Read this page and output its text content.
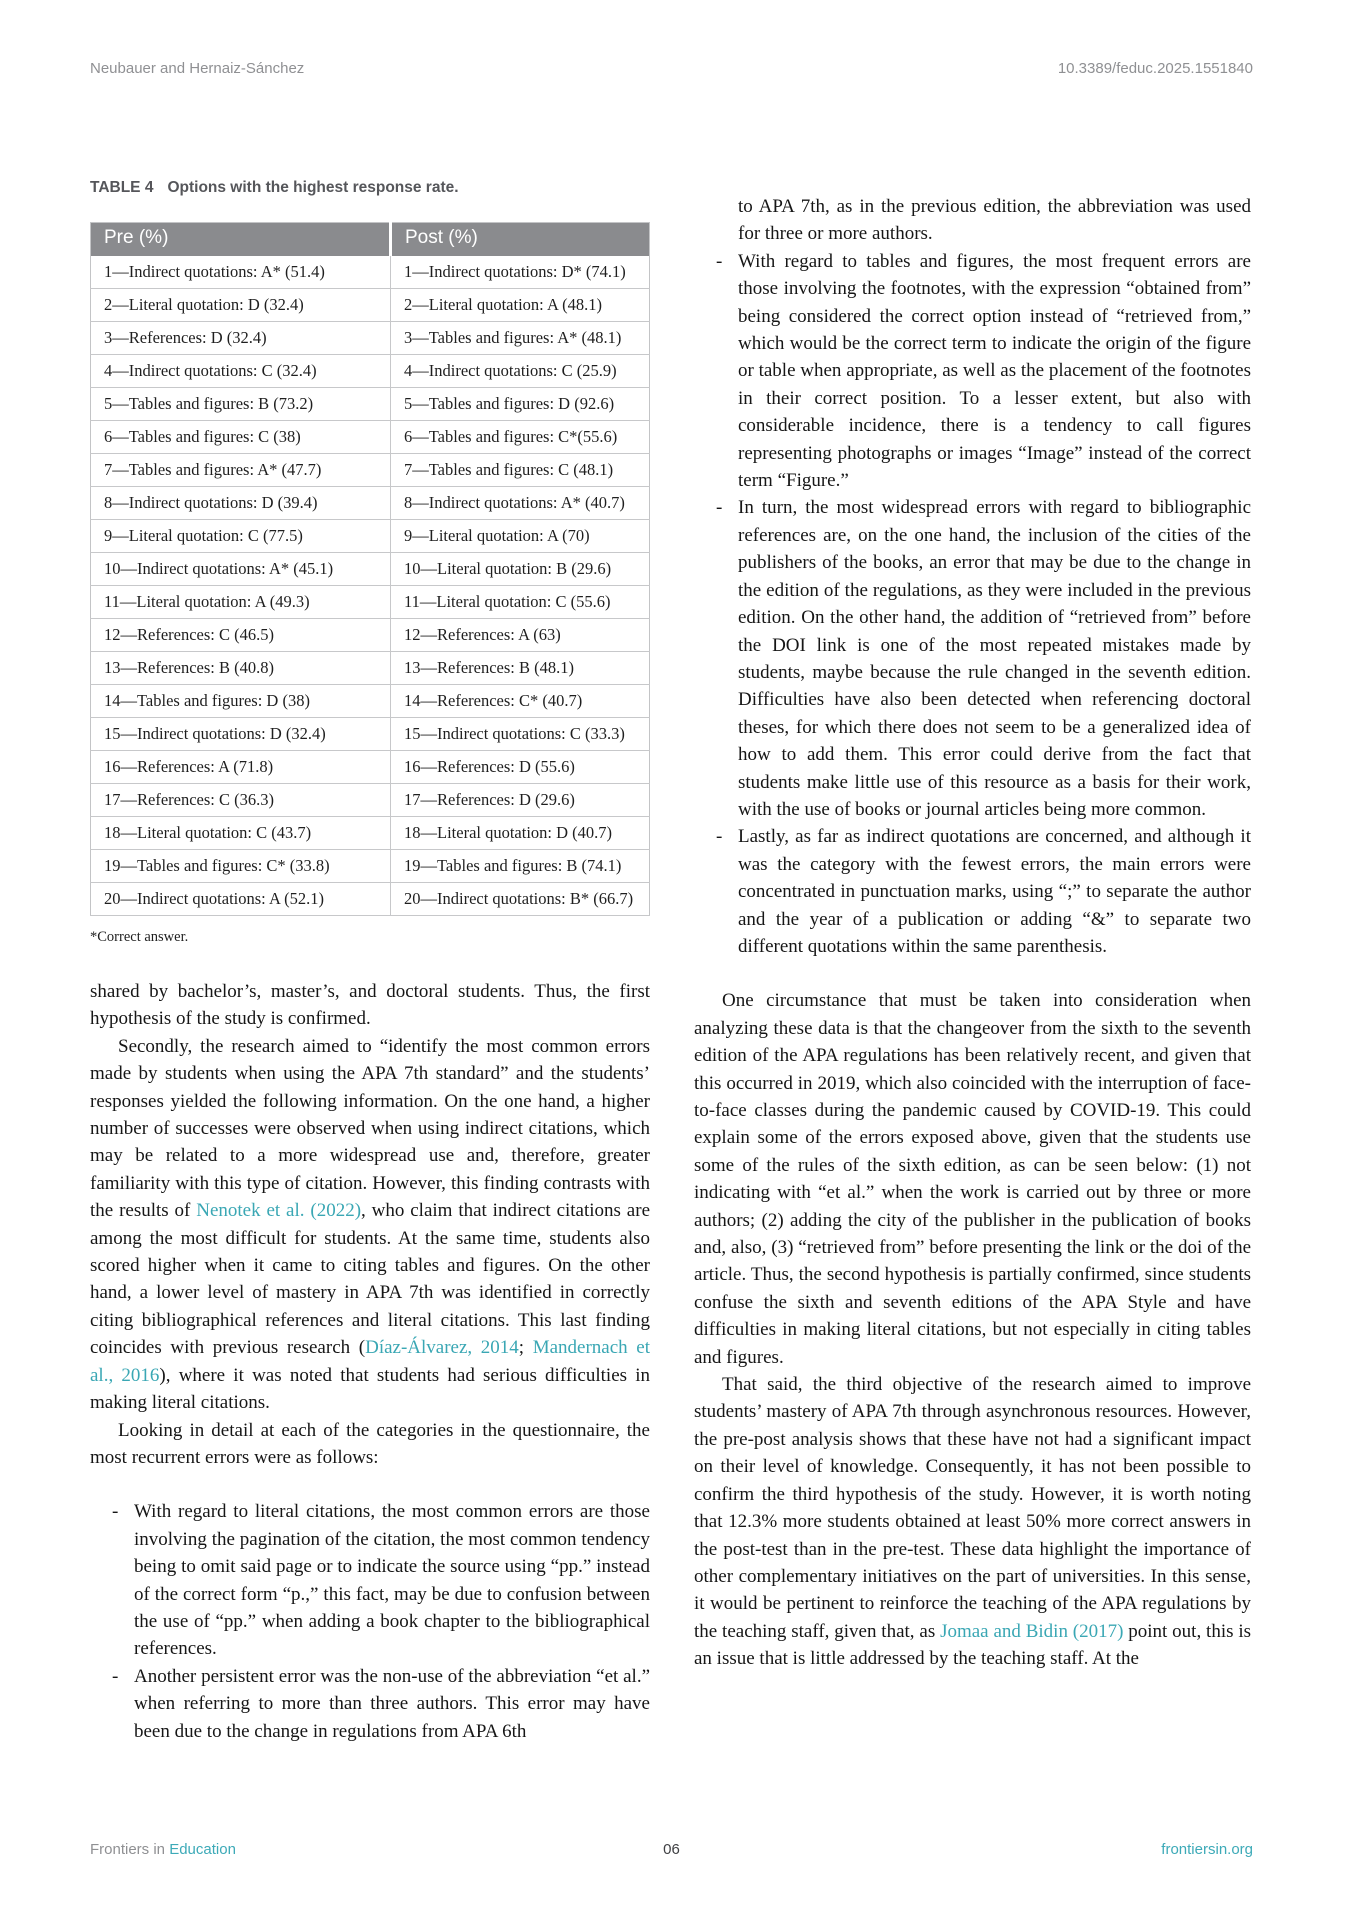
Neubauer and Hernaiz-Sánchez	10.3389/feduc.2025.1551840
TABLE 4 Options with the highest response rate.
Pre (%)	Post (%)
1—Indirect quotations: A* (51.4)	1—Indirect quotations: D* (74.1)
2—Literal quotation: D (32.4)	2—Literal quotation: A (48.1)
3—References: D (32.4)	3—Tables and figures: A* (48.1)
4—Indirect quotations: C (32.4)	4—Indirect quotations: C (25.9)
5—Tables and figures: B (73.2)	5—Tables and figures: D (92.6)
6—Tables and figures: C (38)	6—Tables and figures: C*(55.6)
7—Tables and figures: A* (47.7)	7—Tables and figures: C (48.1)
8—Indirect quotations: D (39.4)	8—Indirect quotations: A* (40.7)
9—Literal quotation: C (77.5)	9—Literal quotation: A (70)
10—Indirect quotations: A* (45.1)	10—Literal quotation: B (29.6)
11—Literal quotation: A (49.3)	11—Literal quotation: C (55.6)
12—References: C (46.5)	12—References: A (63)
13—References: B (40.8)	13—References: B (48.1)
14—Tables and figures: D (38)	14—References: C* (40.7)
15—Indirect quotations: D (32.4)	15—Indirect quotations: C (33.3)
16—References: A (71.8)	16—References: D (55.6)
17—References: C (36.3)	17—References: D (29.6)
18—Literal quotation: C (43.7)	18—Literal quotation: D (40.7)
19—Tables and figures: C* (33.8)	19—Tables and figures: B (74.1)
20—Indirect quotations: A (52.1)	20—Indirect quotations: B* (66.7)
*Correct answer.
shared by bachelor’s, master’s, and doctoral students. Thus, the first hypothesis of the study is confirmed.
Secondly, the research aimed to “identify the most common errors made by students when using the APA 7th standard” and the students’ responses yielded the following information. On the one hand, a higher number of successes were observed when using indirect citations, which may be related to a more widespread use and, therefore, greater familiarity with this type of citation. However, this finding contrasts with the results of Nenotek et al. (2022), who claim that indirect citations are among the most difficult for students. At the same time, students also scored higher when it came to citing tables and figures. On the other hand, a lower level of mastery in APA 7th was identified in correctly citing bibliographical references and literal citations. This last finding coincides with previous research (Díaz-Álvarez, 2014; Mandernach et al., 2016), where it was noted that students had serious difficulties in making literal citations.
Looking in detail at each of the categories in the questionnaire, the most recurrent errors were as follows:
- With regard to literal citations, the most common errors are those involving the pagination of the citation, the most common tendency being to omit said page or to indicate the source using “pp.” instead of the correct form “p.,” this fact, may be due to confusion between the use of “pp.” when adding a book chapter to the bibliographical references.
- Another persistent error was the non-use of the abbreviation “et al.” when referring to more than three authors. This error may have been due to the change in regulations from APA 6th
to APA 7th, as in the previous edition, the abbreviation was used for three or more authors.
- With regard to tables and figures, the most frequent errors are those involving the footnotes, with the expression “obtained from” being considered the correct option instead of “retrieved from,” which would be the correct term to indicate the origin of the figure or table when appropriate, as well as the placement of the footnotes in their correct position. To a lesser extent, but also with considerable incidence, there is a tendency to call figures representing photographs or images “Image” instead of the correct term “Figure.”
- In turn, the most widespread errors with regard to bibliographic references are, on the one hand, the inclusion of the cities of the publishers of the books, an error that may be due to the change in the edition of the regulations, as they were included in the previous edition. On the other hand, the addition of “retrieved from” before the DOI link is one of the most repeated mistakes made by students, maybe because the rule changed in the seventh edition. Difficulties have also been detected when referencing doctoral theses, for which there does not seem to be a generalized idea of how to add them. This error could derive from the fact that students make little use of this resource as a basis for their work, with the use of books or journal articles being more common.
- Lastly, as far as indirect quotations are concerned, and although it was the category with the fewest errors, the main errors were concentrated in punctuation marks, using “;” to separate the author and the year of a publication or adding “&” to separate two different quotations within the same parenthesis.
One circumstance that must be taken into consideration when analyzing these data is that the changeover from the sixth to the seventh edition of the APA regulations has been relatively recent, and given that this occurred in 2019, which also coincided with the interruption of face-to-face classes during the pandemic caused by COVID-19. This could explain some of the errors exposed above, given that the students use some of the rules of the sixth edition, as can be seen below: (1) not indicating with “et al.” when the work is carried out by three or more authors; (2) adding the city of the publisher in the publication of books and, also, (3) “retrieved from” before presenting the link or the doi of the article. Thus, the second hypothesis is partially confirmed, since students confuse the sixth and seventh editions of the APA Style and have difficulties in making literal citations, but not especially in citing tables and figures.
That said, the third objective of the research aimed to improve students’ mastery of APA 7th through asynchronous resources. However, the pre-post analysis shows that these have not had a significant impact on their level of knowledge. Consequently, it has not been possible to confirm the third hypothesis of the study. However, it is worth noting that 12.3% more students obtained at least 50% more correct answers in the post-test than in the pre-test. These data highlight the importance of other complementary initiatives on the part of universities. In this sense, it would be pertinent to reinforce the teaching of the APA regulations by the teaching staff, given that, as Jomaa and Bidin (2017) point out, this is an issue that is little addressed by the teaching staff. At the
Frontiers in Education	06	frontiersin.org
